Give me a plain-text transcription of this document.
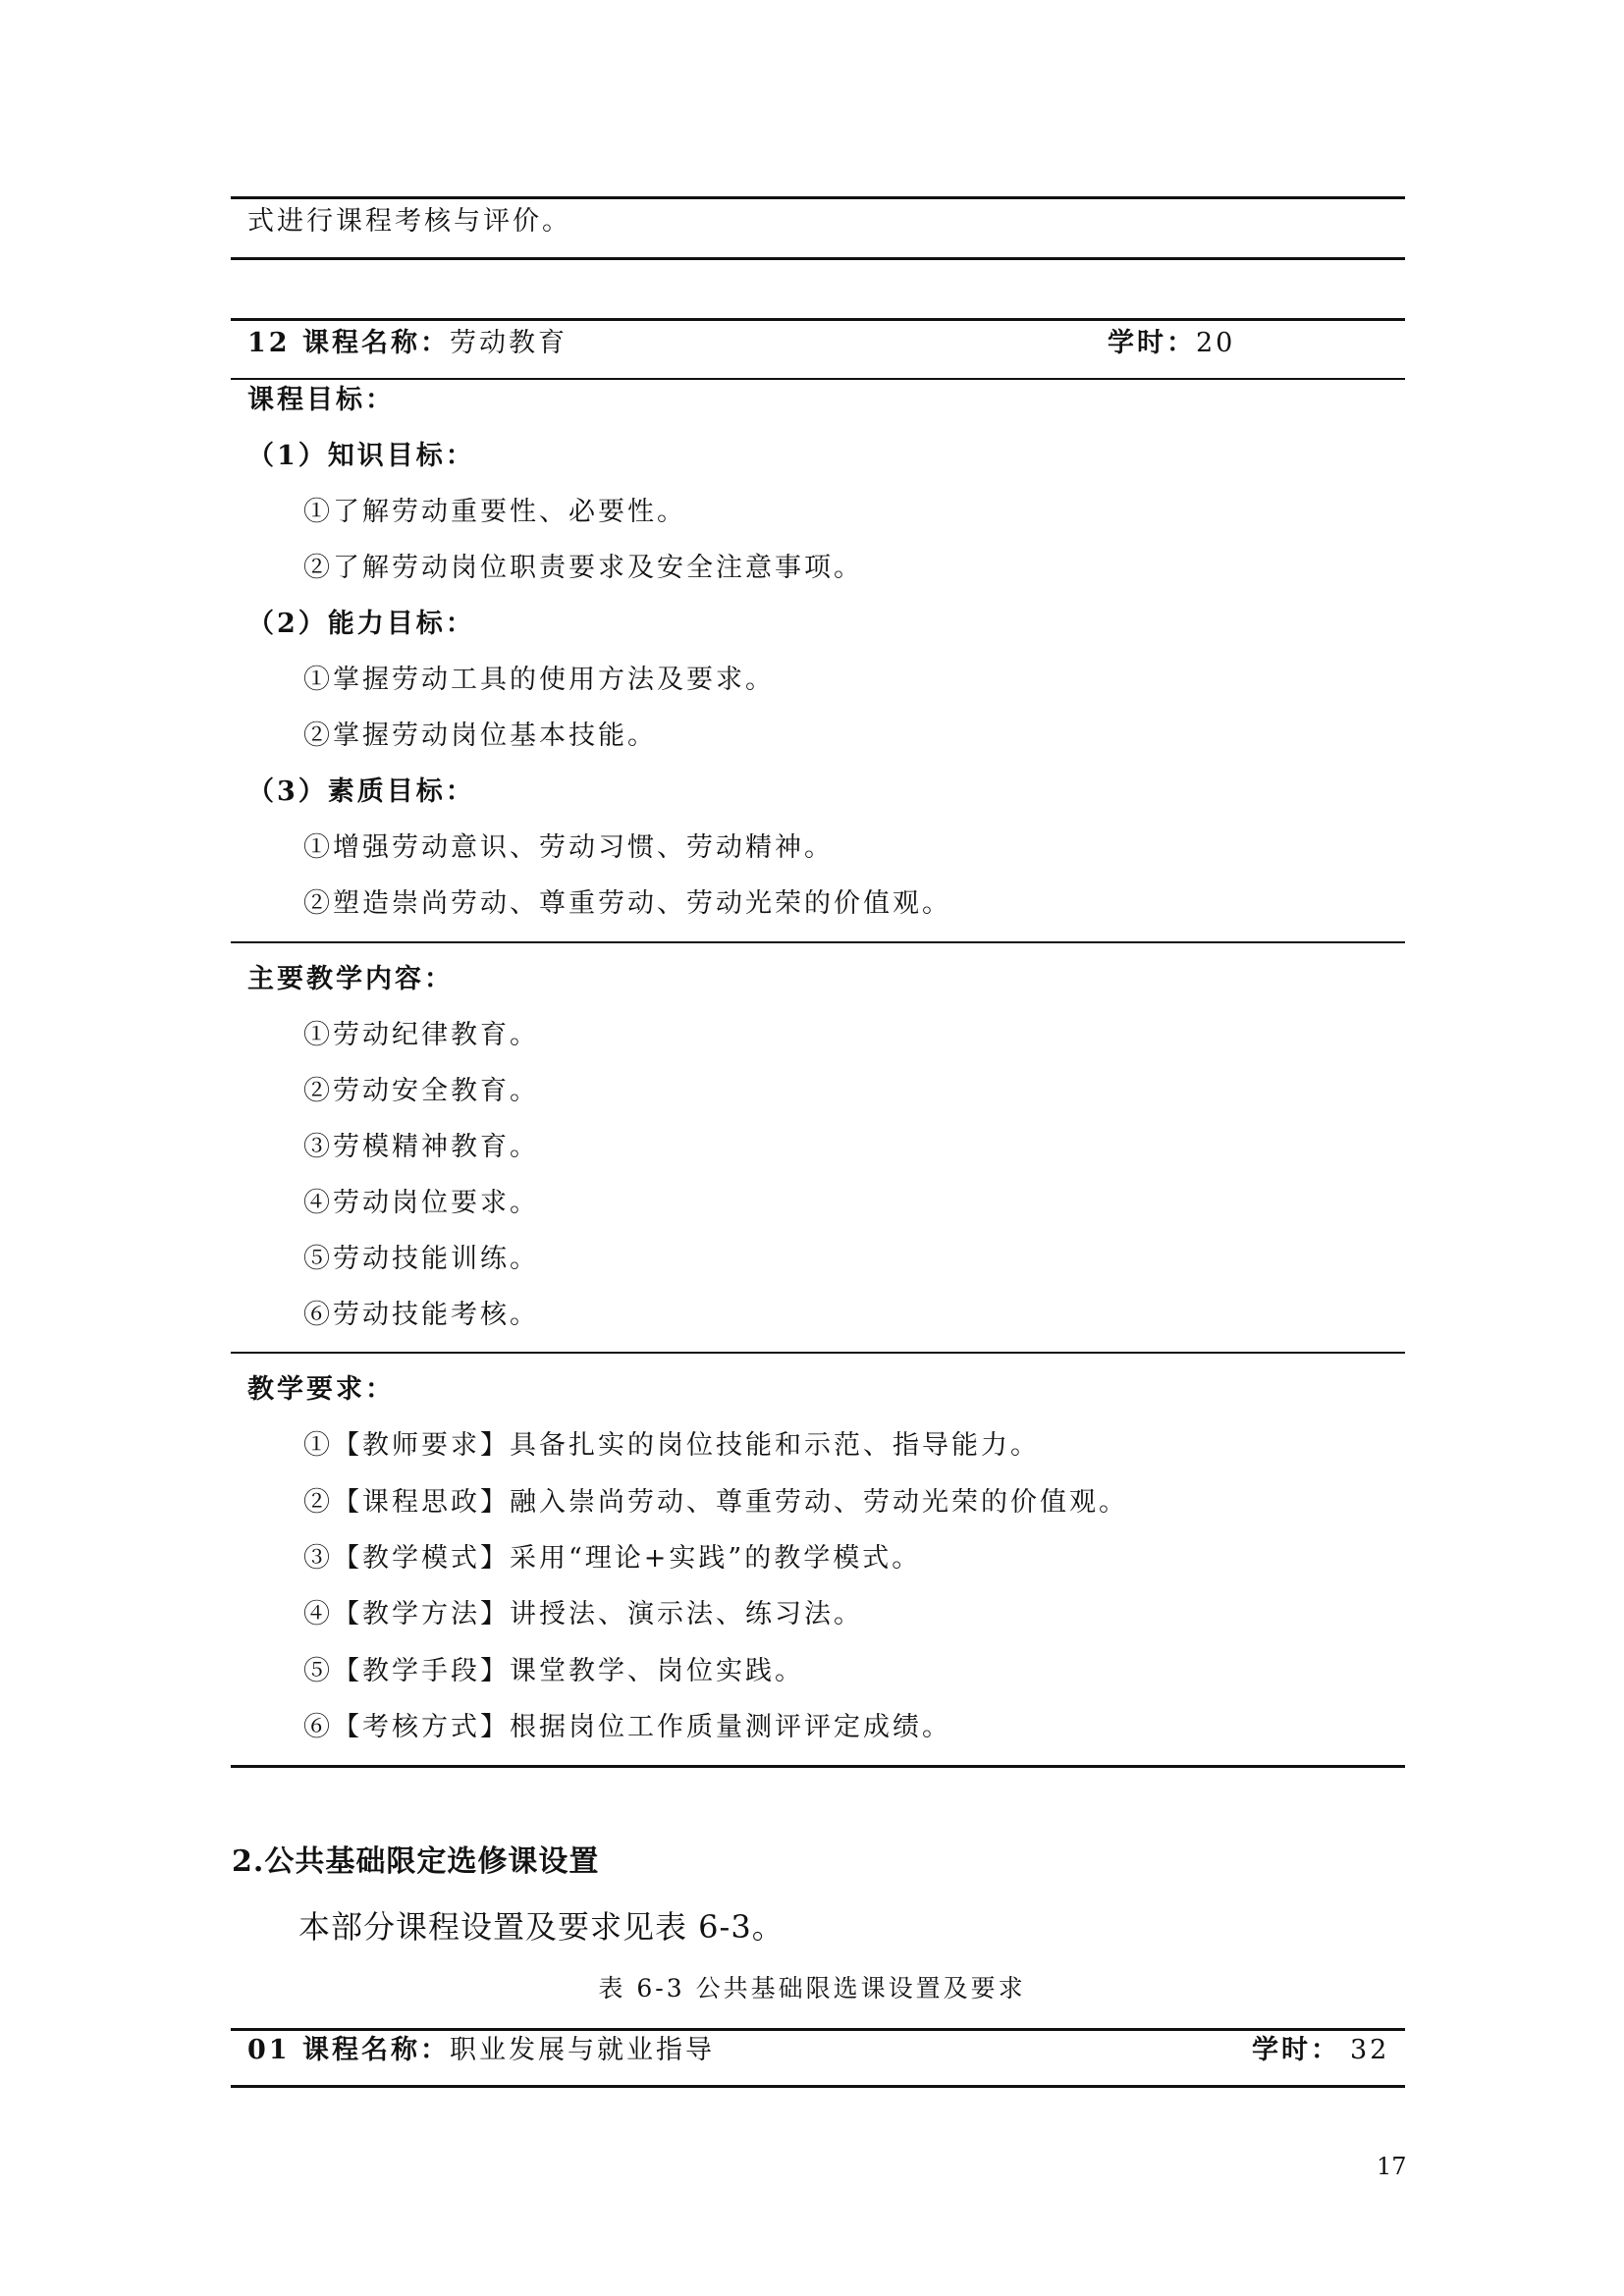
式进行课程考核与评价。
12 课程名称：劳动教育	学时：20
课程目标：
（1）知识目标：
①了解劳动重要性、必要性。
②了解劳动岗位职责要求及安全注意事项。
（2）能力目标：
①掌握劳动工具的使用方法及要求。
②掌握劳动岗位基本技能。
（3）素质目标：
①增强劳动意识、劳动习惯、劳动精神。
②塑造崇尚劳动、尊重劳动、劳动光荣的价值观。
主要教学内容：
①劳动纪律教育。
②劳动安全教育。
③劳模精神教育。
④劳动岗位要求。
⑤劳动技能训练。
⑥劳动技能考核。
教学要求：
①【教师要求】具备扎实的岗位技能和示范、指导能力。
②【课程思政】融入崇尚劳动、尊重劳动、劳动光荣的价值观。
③【教学模式】采用“理论+实践”的教学模式。
④【教学方法】讲授法、演示法、练习法。
⑤【教学手段】课堂教学、岗位实践。
⑥【考核方式】根据岗位工作质量测评评定成绩。
2.公共基础限定选修课设置
本部分课程设置及要求见表 6-3。
表 6-3 公共基础限选课设置及要求
01 课程名称：职业发展与就业指导	学时： 32
17
